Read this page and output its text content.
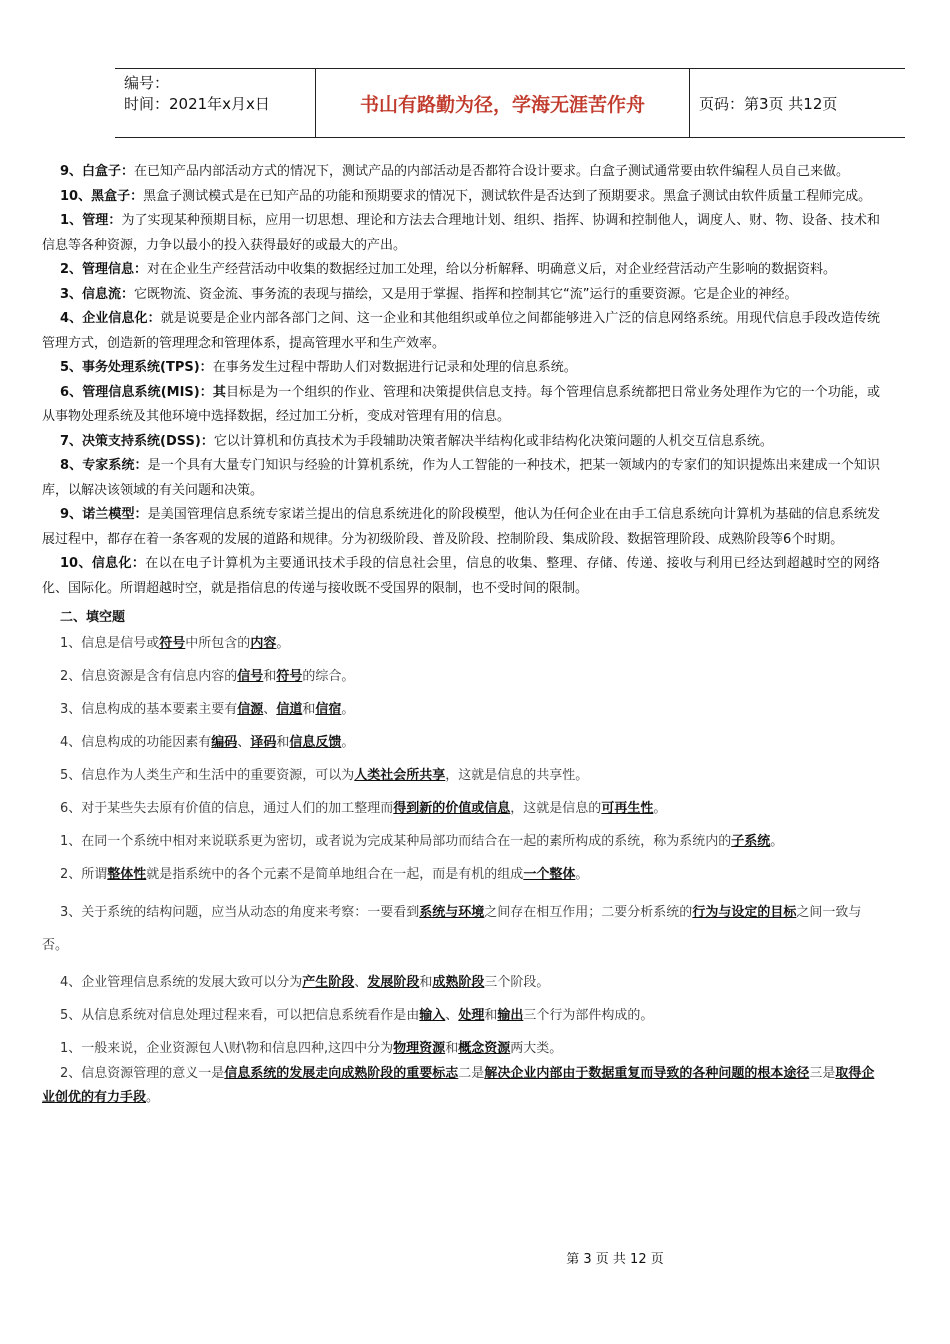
编号：
时间：2021年x月x日	书山有路勤为径，学海无涯苦作舟	页码：第3页 共12页

9、白盒子：在已知产品内部活动方式的情况下，测试产品的内部活动是否都符合设计要求。白盒子测试通常要由软件编程人员自己来做。

10、黑盒子：黑盒子测试模式是在已知产品的功能和预期要求的情况下，测试软件是否达到了预期要求。黑盒子测试由软件质量工程师完成。

1、管理：为了实现某种预期目标，应用一切思想、理论和方法去合理地计划、组织、指挥、协调和控制他人，调度人、财、物、设备、技术和信息等各种资源，力争以最小的投入获得最好的或最大的产出。

2、管理信息：对在企业生产经营活动中收集的数据经过加工处理，给以分析解释、明确意义后，对企业经营活动产生影响的数据资料。

3、信息流：它既物流、资金流、事务流的表现与描绘，又是用于掌握、指挥和控制其它“流”运行的重要资源。它是企业的神经。

4、企业信息化：就是说要是企业内部各部门之间、这一企业和其他组织或单位之间都能够进入广泛的信息网络系统。用现代信息手段改造传统管理方式，创造新的管理理念和管理体系，提高管理水平和生产效率。

5、事务处理系统(TPS)：在事务发生过程中帮助人们对数据进行记录和处理的信息系统。

6、管理信息系统(MIS)：其目标是为一个组织的作业、管理和决策提供信息支持。每个管理信息系统都把日常业务处理作为它的一个功能，或从事物处理系统及其他环境中选择数据，经过加工分析，变成对管理有用的信息。

7、决策支持系统(DSS)：它以计算机和仿真技术为手段辅助决策者解决半结构化或非结构化决策问题的人机交互信息系统。

8、专家系统：是一个具有大量专门知识与经验的计算机系统，作为人工智能的一种技术，把某一领域内的专家们的知识提炼出来建成一个知识库，以解决该领域的有关问题和决策。

9、诺兰模型：是美国管理信息系统专家诺兰提出的信息系统进化的阶段模型，他认为任何企业在由手工信息系统向计算机为基础的信息系统发展过程中，都存在着一条客观的发展的道路和规律。分为初级阶段、普及阶段、控制阶段、集成阶段、数据管理阶段、成熟阶段等6个时期。

10、信息化：在以在电子计算机为主要通讯技术手段的信息社会里，信息的收集、整理、存储、传递、接收与利用已经达到超越时空的网络化、国际化。所谓超越时空，就是指信息的传递与接收既不受国界的限制，也不受时间的限制。

二、填空题

1、信息是信号或符号中所包含的内容。

2、信息资源是含有信息内容的信号和符号的综合。

3、信息构成的基本要素主要有信源、信道和信宿。

4、信息构成的功能因素有编码、译码和信息反馈。

5、信息作为人类生产和生活中的重要资源，可以为人类社会所共享，这就是信息的共享性。

6、对于某些失去原有价值的信息，通过人们的加工整理而得到新的价值或信息，这就是信息的可再生性。

1、在同一个系统中相对来说联系更为密切，或者说为完成某种局部功而结合在一起的素所构成的系统，称为系统内的子系统。

2、所谓整体性就是指系统中的各个元素不是简单地组合在一起，而是有机的组成一个整体。

3、关于系统的结构问题，应当从动态的角度来考察：一要看到系统与环境之间存在相互作用；二要分析系统的行为与设定的目标之间一致与否。

4、企业管理信息系统的发展大致可以分为产生阶段、发展阶段和成熟阶段三个阶段。

5、从信息系统对信息处理过程来看，可以把信息系统看作是由输入、处理和输出三个行为部件构成的。

1、一般来说，企业资源包人\财\物和信息四种,这四中分为物理资源和概念资源两大类。

2、信息资源管理的意义一是信息系统的发展走向成熟阶段的重要标志二是解决企业内部由于数据重复而导致的各种问题的根本途径三是取得企业创优的有力手段。

第 3 页 共 12 页
